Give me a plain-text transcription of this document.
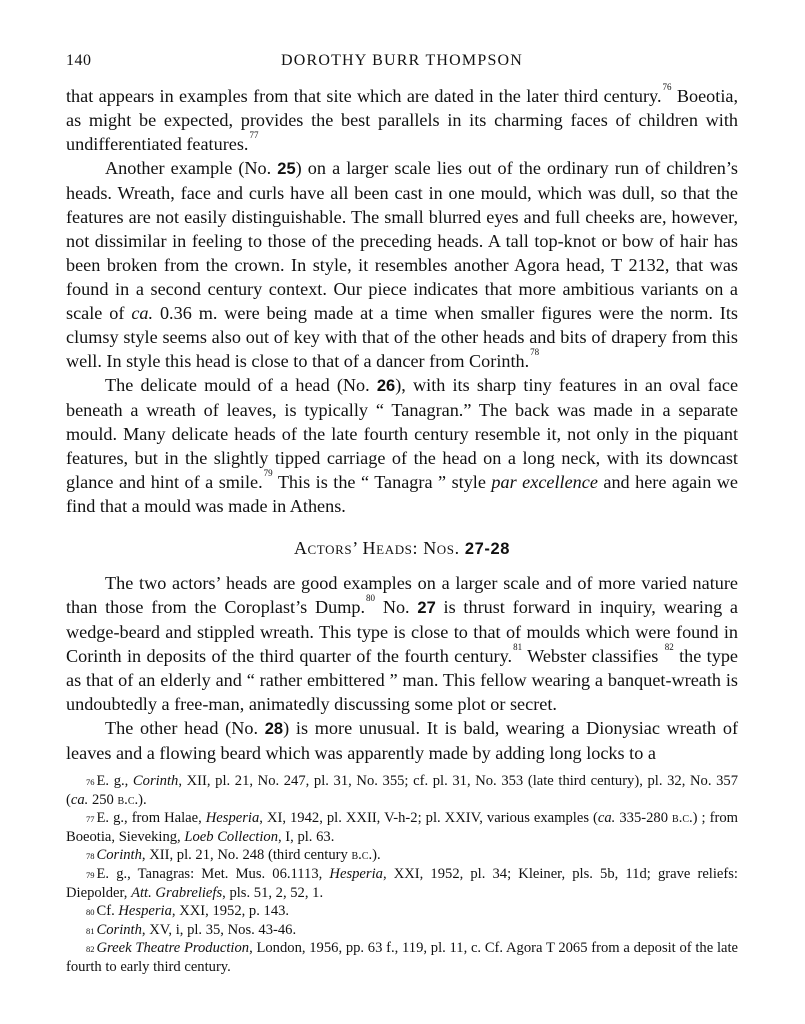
140	DOROTHY BURR THOMPSON

that appears in examples from that site which are dated in the later third century.$^{76}$ Boeotia, as might be expected, provides the best parallels in its charming faces of children with undifferentiated features.$^{77}$

Another example (No. 25) on a larger scale lies out of the ordinary run of children’s heads. Wreath, face and curls have all been cast in one mould, which was dull, so that the features are not easily distinguishable. The small blurred eyes and full cheeks are, however, not dissimilar in feeling to those of the preceding heads. A tall top-knot or bow of hair has been broken from the crown. In style, it resembles another Agora head, T 2132, that was found in a second century context. Our piece indicates that more ambitious variants on a scale of ca. 0.36 m. were being made at a time when smaller figures were the norm. Its clumsy style seems also out of key with that of the other heads and bits of drapery from this well. In style this head is close to that of a dancer from Corinth.$^{78}$

The delicate mould of a head (No. 26), with its sharp tiny features in an oval face beneath a wreath of leaves, is typically “ Tanagran.” The back was made in a separate mould. Many delicate heads of the late fourth century resemble it, not only in the piquant features, but in the slightly tipped carriage of the head on a long neck, with its downcast glance and hint of a smile.$^{79}$ This is the “ Tanagra ” style par excellence and here again we find that a mould was made in Athens.

Actors’ Heads: Nos. 27-28

The two actors’ heads are good examples on a larger scale and of more varied nature than those from the Coroplast’s Dump.$^{80}$ No. 27 is thrust forward in inquiry, wearing a wedge-beard and stippled wreath. This type is close to that of moulds which were found in Corinth in deposits of the third quarter of the fourth century.$^{81}$ Webster classifies $^{82}$ the type as that of an elderly and “ rather embittered ” man. This fellow wearing a banquet-wreath is undoubtedly a free-man, animatedly discussing some plot or secret.

The other head (No. 28) is more unusual. It is bald, wearing a Dionysiac wreath of leaves and a flowing beard which was apparently made by adding long locks to a

$^{76}$ E. g., Corinth, XII, pl. 21, No. 247, pl. 31, No. 355; cf. pl. 31, No. 353 (late third century), pl. 32, No. 357 (ca. 250 b.c.).

$^{77}$ E. g., from Halae, Hesperia, XI, 1942, pl. XXII, V-h-2; pl. XXIV, various examples (ca. 335-280 b.c.) ; from Boeotia, Sieveking, Loeb Collection, I, pl. 63.

$^{78}$ Corinth, XII, pl. 21, No. 248 (third century b.c.).

$^{79}$ E. g., Tanagras: Met. Mus. 06.1113, Hesperia, XXI, 1952, pl. 34; Kleiner, pls. 5b, 11d; grave reliefs: Diepolder, Att. Grabreliefs, pls. 51, 2, 52, 1.

$^{80}$ Cf. Hesperia, XXI, 1952, p. 143.

$^{81}$ Corinth, XV, i, pl. 35, Nos. 43-46.

$^{82}$ Greek Theatre Production, London, 1956, pp. 63 f., 119, pl. 11, c. Cf. Agora T 2065 from a deposit of the late fourth to early third century.
